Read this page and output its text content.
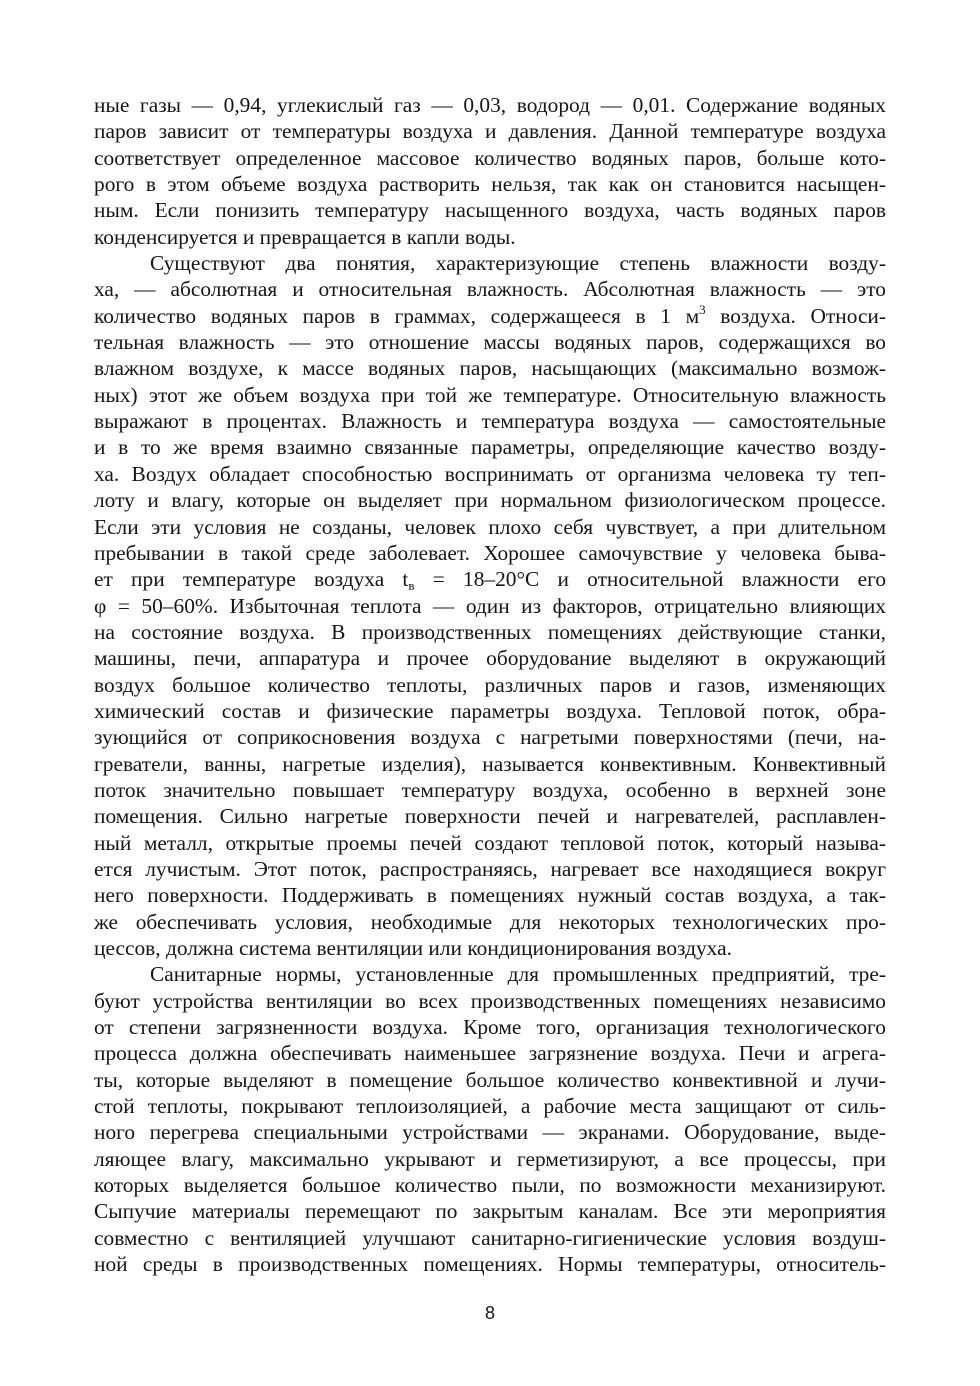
ные газы — 0,94, углекислый газ — 0,03, водород — 0,01. Содержание водяных
паров зависит от температуры воздуха и давления. Данной температуре воздуха
соответствует определенное массовое количество водяных паров, больше кото-
рого в этом объеме воздуха растворить нельзя, так как он становится насыщен-
ным. Если понизить температуру насыщенного воздуха, часть водяных паров
конденсируется и превращается в капли воды.
Существуют два понятия, характеризующие степень влажности возду-
ха, — абсолютная и относительная влажность. Абсолютная влажность — это
количество водяных паров в граммах, содержащееся в 1 $м^3$ воздуха. Относи-
тельная влажность — это отношение массы водяных паров, содержащихся во
влажном воздухе, к массе водяных паров, насыщающих (максимально возмож-
ных) этот же объем воздуха при той же температуре. Относительную влажность
выражают в процентах. Влажность и температура воздуха — самостоятельные
и в то же время взаимно связанные параметры, определяющие качество возду-
ха. Воздух обладает способностью воспринимать от организма человека ту теп-
лоту и влагу, которые он выделяет при нормальном физиологическом процессе.
Если эти условия не созданы, человек плохо себя чувствует, а при длительном
пребывании в такой среде заболевает. Хорошее самочувствие у человека быва-
ет при температуре воздуха $t_в = 18-20^\circ C$ и относительной влажности его
φ = 50–60%. Избыточная теплота — один из факторов, отрицательно влияющих
на состояние воздуха. В производственных помещениях действующие станки,
машины, печи, аппаратура и прочее оборудование выделяют в окружающий
воздух большое количество теплоты, различных паров и газов, изменяющих
химический состав и физические параметры воздуха. Тепловой поток, обра-
зующийся от соприкосновения воздуха с нагретыми поверхностями (печи, на-
греватели, ванны, нагретые изделия), называется конвективным. Конвективный
поток значительно повышает температуру воздуха, особенно в верхней зоне
помещения. Сильно нагретые поверхности печей и нагревателей, расплавлен-
ный металл, открытые проемы печей создают тепловой поток, который называ-
ется лучистым. Этот поток, распространяясь, нагревает все находящиеся вокруг
него поверхности. Поддерживать в помещениях нужный состав воздуха, а так-
же обеспечивать условия, необходимые для некоторых технологических про-
цессов, должна система вентиляции или кондиционирования воздуха.
Санитарные нормы, установленные для промышленных предприятий, тре-
буют устройства вентиляции во всех производственных помещениях независимо
от степени загрязненности воздуха. Кроме того, организация технологического
процесса должна обеспечивать наименьшее загрязнение воздуха. Печи и агрега-
ты, которые выделяют в помещение большое количество конвективной и лучи-
стой теплоты, покрывают теплоизоляцией, а рабочие места защищают от силь-
ного перегрева специальными устройствами — экранами. Оборудование, выде-
ляющее влагу, максимально укрывают и герметизируют, а все процессы, при
которых выделяется большое количество пыли, по возможности механизируют.
Сыпучие материалы перемещают по закрытым каналам. Все эти мероприятия
совместно с вентиляцией улучшают санитарно-гигиенические условия воздуш-
ной среды в производственных помещениях. Нормы температуры, относитель-
8
